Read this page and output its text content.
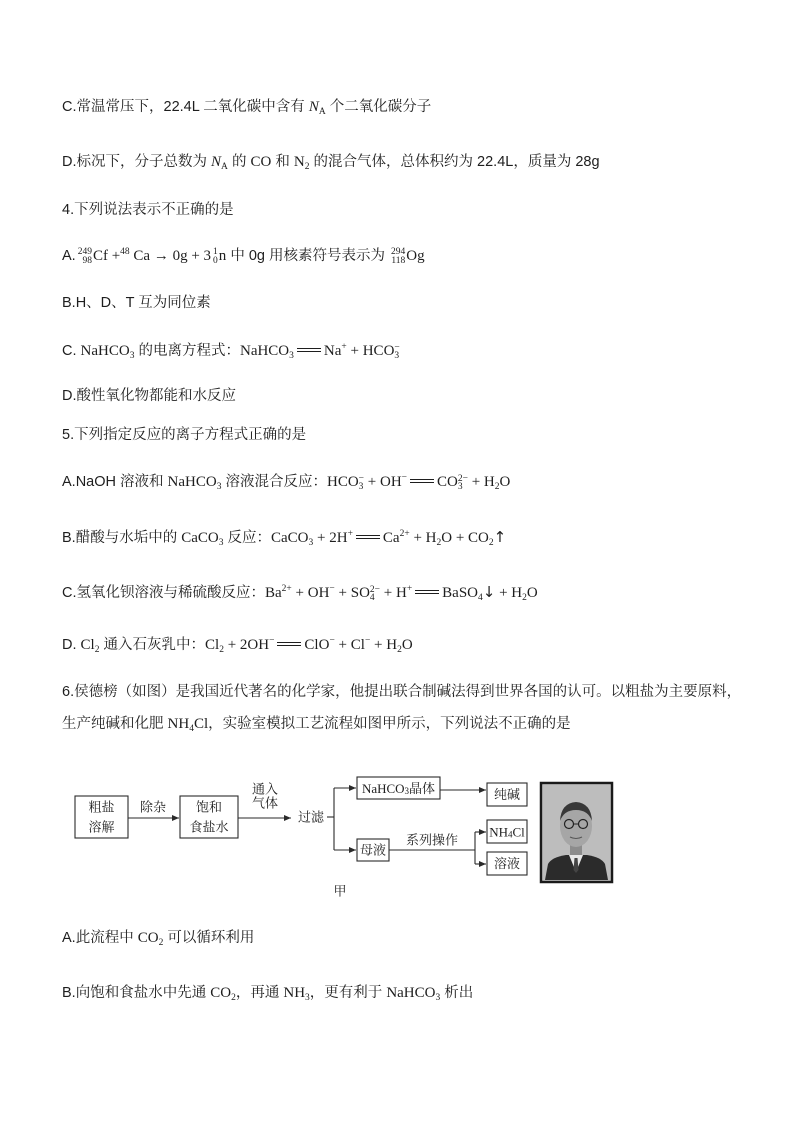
C.常温常压下，22.4L 二氧化碳中含有 $N_A$ 个二氧化碳分子
D.标况下，分子总数为 $N_A$ 的 CO 和 $N_2$ 的混合气体，总体积约为 22.4L，质量为 28g
4.下列说法表示不正确的是
A. 249
98 Cf +$^{48}$ Ca → 0g + 3 1
0 n 中 0g 用核素符号表示为 294
118 Og
B.H、D、T 互为同位素
C. NaHCO$_3$ 的电离方程式：NaHCO$_3$ Na+ + HCO −
3
D.酸性氧化物都能和水反应
5.下列指定反应的离子方程式正确的是
A.NaOH 溶液和 NaHCO$_3$ 溶液混合反应：HCO −
3 + OH− CO 2−
$3 + H_2O$
B.醋酸与水垢中的 CaCO$_3$ 反应：CaCO$_3$ + 2H+ $Ca^{2+} + H_2O$ + $CO_2↑$
C.氢氧化钡溶液与稀硫酸反应：$Ba^{2+} + OH^-$ + SO 2−
4 + H+ BaSO$_4$↓ + $H_2O$
D. $Cl_2$ 通入石灰乳中：$Cl_2 + 2OH^-$ $ClO^- + Cl^- + H_2O$
6.侯德榜（如图）是我国近代著名的化学家，他提出联合制碱法得到世界各国的认可。以粗盐为主要原料，
生产纯碱和化肥 $NH_4Cl$，实验室模拟工艺流程如图甲所示，下列说法不正确的是
粗盐
溶解
除杂 饱和
食盐水
通入
气体
过滤
NaHCO$_3$晶体	纯碱
母液
系列操作
$NH_4Cl$
溶液
甲
A.此流程中 $CO_2$ 可以循环利用
B.向饱和食盐水中先通 $CO_2$，再通 $NH_3$，更有利于 NaHCO$_3$ 析出
